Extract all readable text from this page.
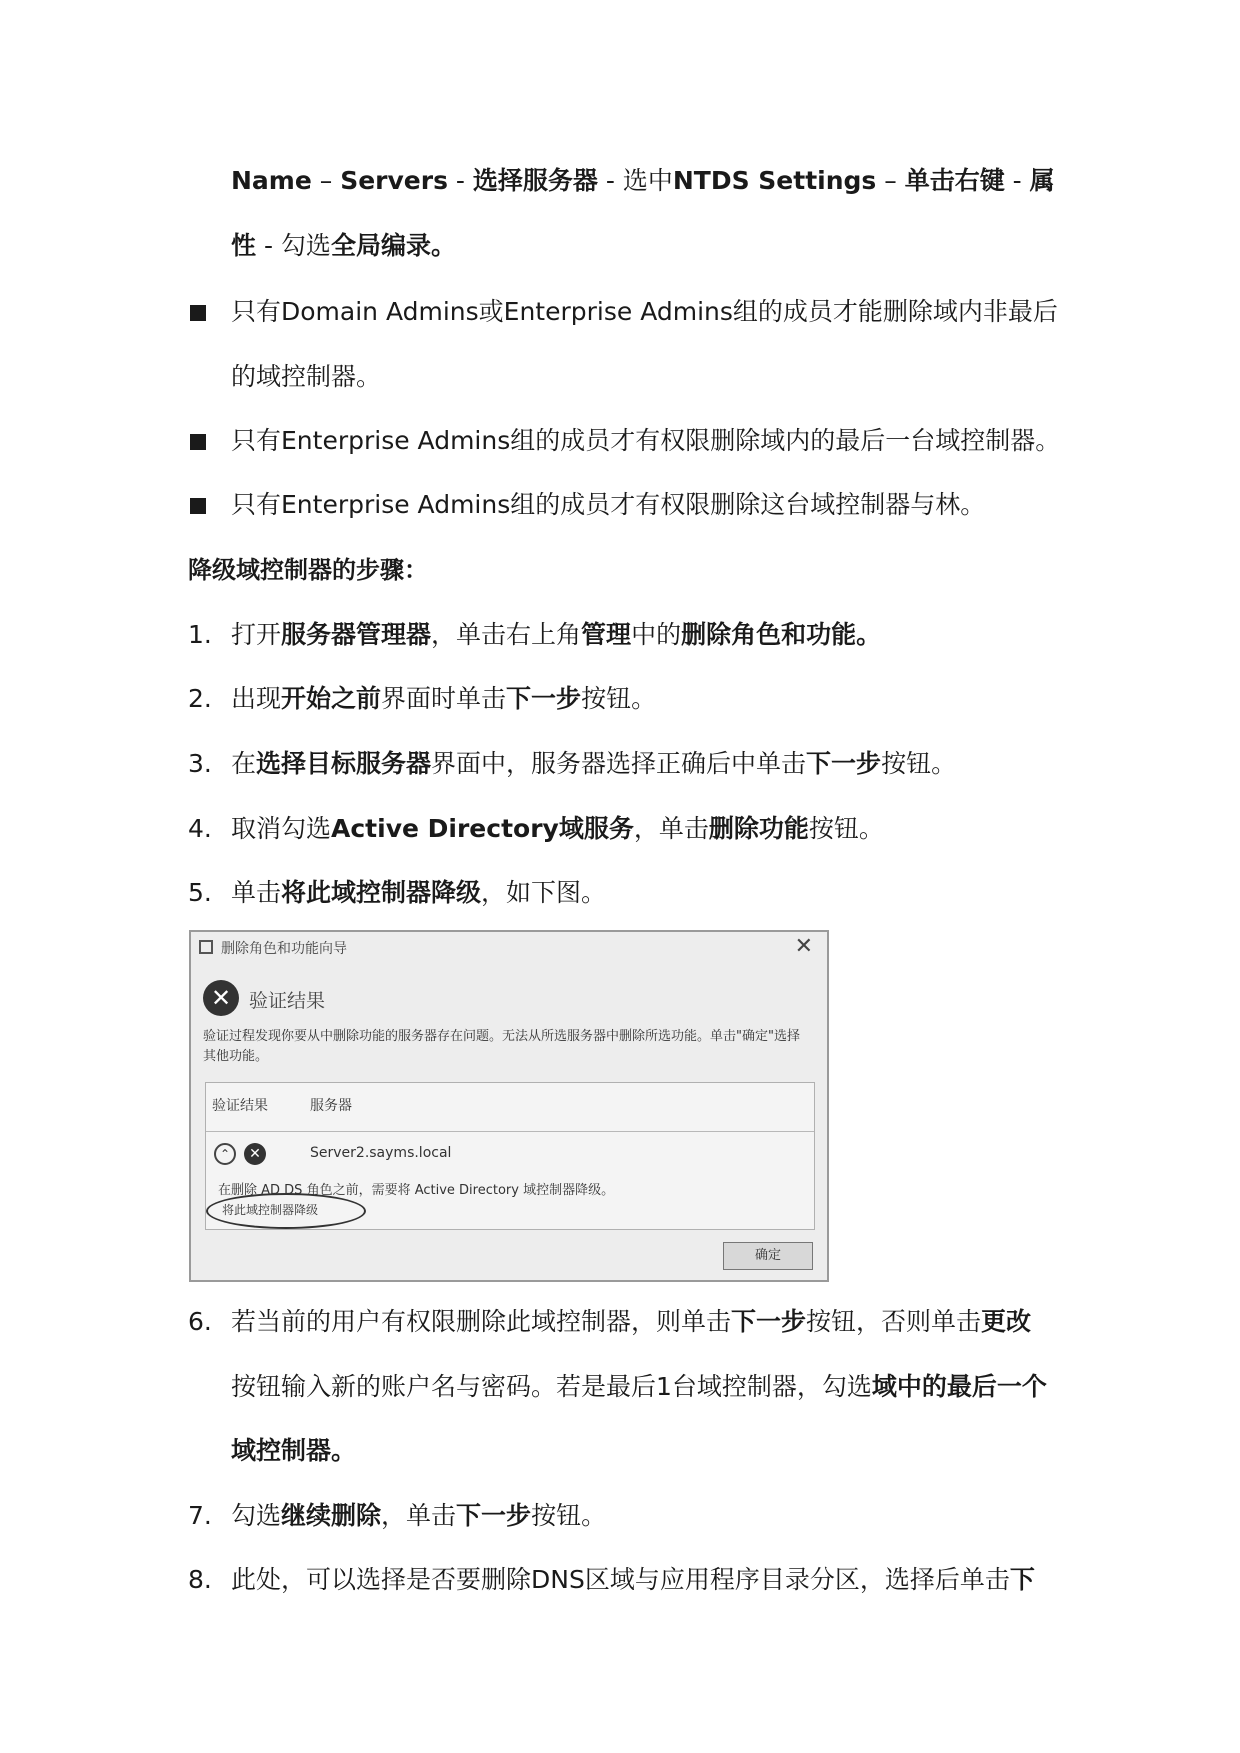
Name – Servers - 选择服务器 - 选中NTDS Settings – 单击右键 - 属
性 - 勾选全局编录。
只有Domain Admins或Enterprise Admins组的成员才能删除域内非最后
的域控制器。
只有Enterprise Admins组的成员才有权限删除域内的最后一台域控制器。
只有Enterprise Admins组的成员才有权限删除这台域控制器与林。
降级域控制器的步骤：
1. 打开服务器管理器，单击右上角管理中的删除角色和功能。
2. 出现开始之前界面时单击下一步按钮。
3. 在选择目标服务器界面中，服务器选择正确后中单击下一步按钮。
4. 取消勾选Active Directory域服务，单击删除功能按钮。
5. 单击将此域控制器降级，如下图。
删除角色和功能向导	✕
✕ 验证结果
验证过程发现你要从中删除功能的服务器存在问题。无法从所选服务器中删除所选功能。单击"确定"选择其他功能。
验证结果	服务器
⌃	✕	Server2.sayms.local
在删除 AD DS 角色之前，需要将 Active Directory 域控制器降级。
将此域控制器降级
确定
6. 若当前的用户有权限删除此域控制器，则单击下一步按钮，否则单击更改
按钮输入新的账户名与密码。若是最后1台域控制器，勾选域中的最后一个
域控制器。
7. 勾选继续删除，单击下一步按钮。
8. 此处，可以选择是否要删除DNS区域与应用程序目录分区，选择后单击下
